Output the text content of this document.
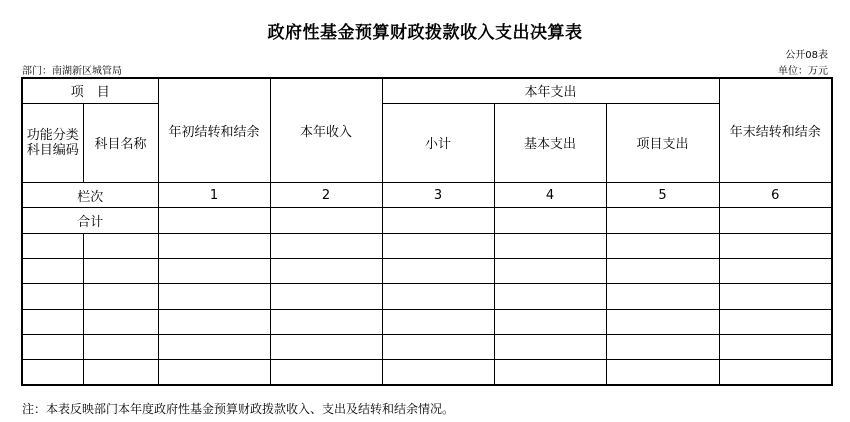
政府性基金预算财政拨款收入支出决算表
公开08表
部门：南湖新区城管局	单位：万元
项　目		年初结转和结余	本年收入	本年支出			年末结转和结余
功能分类
科目编码	科目名称			小计	基本支出	项目支出	
栏次		1	2	3	4	5	6
合计							

注：本表反映部门本年度政府性基金预算财政拨款收入、支出及结转和结余情况。
